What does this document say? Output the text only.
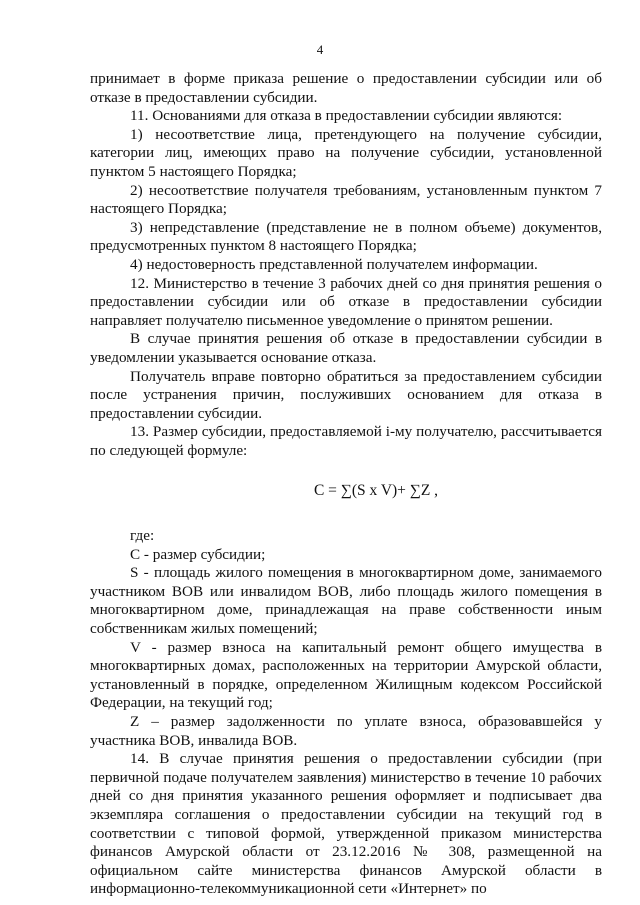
4

принимает в форме приказа решение о предоставлении субсидии или об отказе в предоставлении субсидии.

11. Основаниями для отказа в предоставлении субсидии являются:

1) несоответствие лица, претендующего на получение субсидии, категории лиц, имеющих право на получение субсидии, установленной пунктом 5 настоящего Порядка;

2) несоответствие получателя требованиям, установленным пунктом 7 настоящего Порядка;

3) непредставление (представление не в полном объеме) документов, предусмотренных пунктом 8 настоящего Порядка;

4) недостоверность представленной получателем информации.

12. Министерство в течение 3 рабочих дней со дня принятия решения о предоставлении субсидии или об отказе в предоставлении субсидии направляет получателю письменное уведомление о принятом решении.

В случае принятия решения об отказе в предоставлении субсидии в уведомлении указывается основание отказа.

Получатель вправе повторно обратиться за предоставлением субсидии после устранения причин, послуживших основанием для отказа в предоставлении субсидии.

13. Размер субсидии, предоставляемой i-му получателю, рассчитывается по следующей формуле:

C = ∑(S x V)+ ∑Z ,

где:

С - размер субсидии;

S - площадь жилого помещения в многоквартирном доме, занимаемого участником ВОВ или инвалидом ВОВ, либо площадь жилого помещения в многоквартирном доме, принадлежащая на праве собственности иным собственникам жилых помещений;

V - размер взноса на капитальный ремонт общего имущества в многоквартирных домах, расположенных на территории Амурской области, установленный в порядке, определенном Жилищным кодексом Российской Федерации, на текущий год;

Z – размер задолженности по уплате взноса, образовавшейся у участника ВОВ, инвалида ВОВ.

14. В случае принятия решения о предоставлении субсидии (при первичной подаче получателем заявления) министерство в течение 10 рабочих дней со дня принятия указанного решения оформляет и подписывает два экземпляра соглашения о предоставлении субсидии на текущий год в соответствии с типовой формой, утвержденной приказом министерства финансов Амурской области от 23.12.2016 № 308, размещенной на официальном сайте министерства финансов Амурской области в информационно-телекоммуникационной сети «Интернет» по
